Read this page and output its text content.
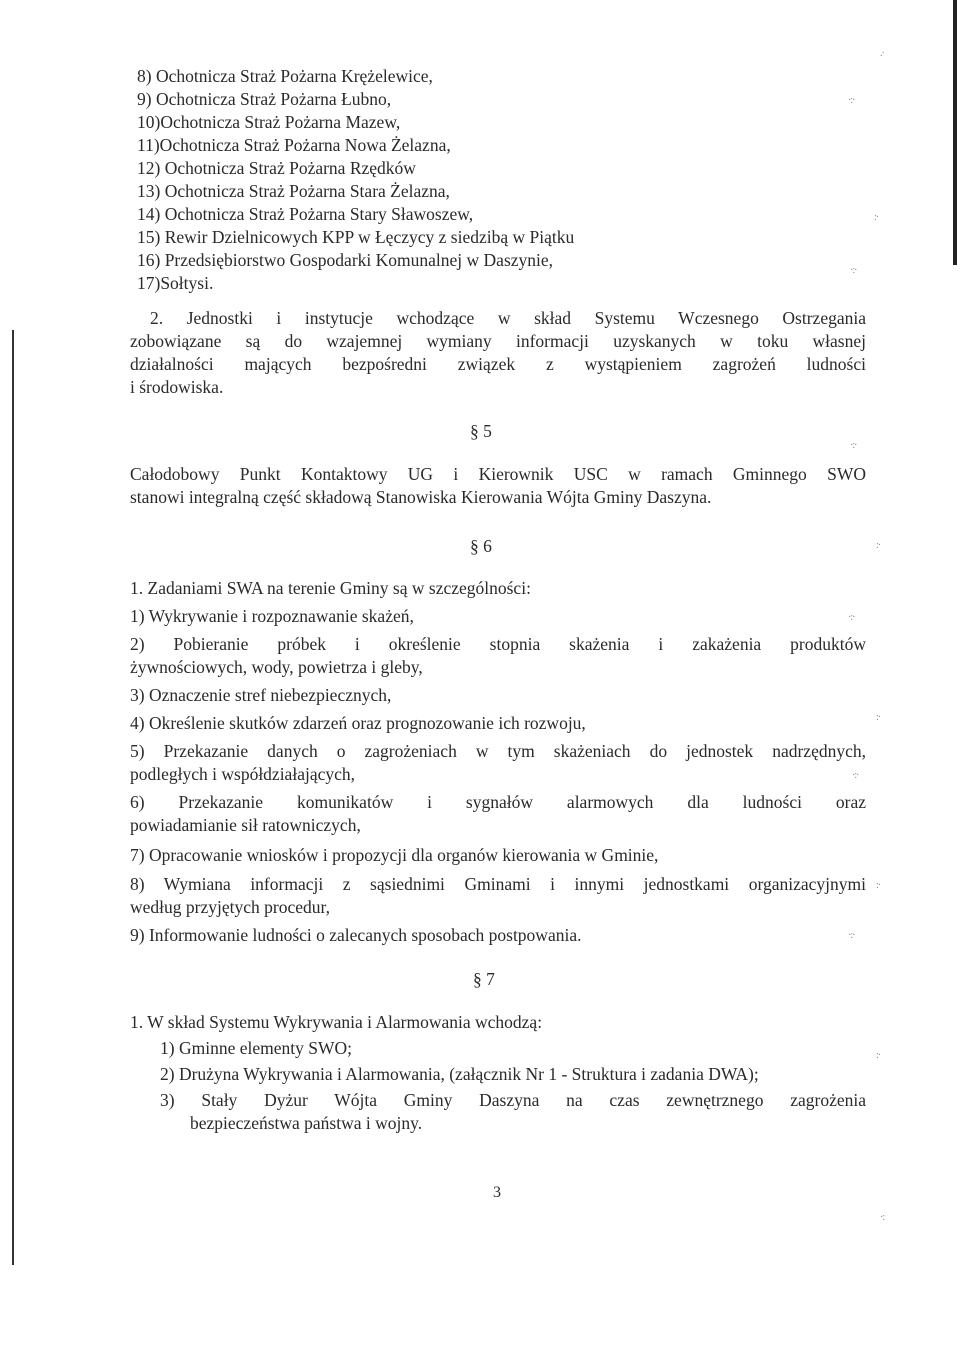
.·
·:·
:·
·:·
·:·
:·
·:·
:·
·:·
:·
·:·
:·
·:
8) Ochotnicza Straż Pożarna Krężelewice,
9) Ochotnicza Straż Pożarna Łubno,
10)Ochotnicza Straż Pożarna Mazew,
11)Ochotnicza Straż Pożarna Nowa Żelazna,
12) Ochotnicza Straż Pożarna Rzędków
13) Ochotnicza Straż Pożarna Stara Żelazna,
14) Ochotnicza Straż Pożarna Stary Sławoszew,
15) Rewir Dzielnicowych KPP w Łęczycy z siedzibą w Piątku
16) Przedsiębiorstwo Gospodarki Komunalnej w Daszynie,
17)Sołtysi.
2. Jednostki i instytucje wchodzące w skład Systemu Wczesnego Ostrzegania
zobowiązane są do wzajemnej wymiany informacji uzyskanych w toku własnej
działalności mających bezpośredni związek z wystąpieniem zagrożeń ludności
i środowiska.
§ 5
Całodobowy Punkt Kontaktowy UG i Kierownik USC w ramach Gminnego SWO
stanowi integralną część składową Stanowiska Kierowania Wójta Gminy Daszyna.
§ 6
1. Zadaniami SWA na terenie Gminy są w szczególności:
1) Wykrywanie i rozpoznawanie skażeń,
2) Pobieranie próbek i określenie stopnia skażenia i zakażenia produktów
żywnościowych, wody, powietrza i gleby,
3) Oznaczenie stref niebezpiecznych,
4) Określenie skutków zdarzeń oraz prognozowanie ich rozwoju,
5) Przekazanie danych o zagrożeniach w tym skażeniach do jednostek nadrzędnych,
podległych i współdziałających,
6) Przekazanie komunikatów i sygnałów alarmowych dla ludności oraz
powiadamianie sił ratowniczych,
7) Opracowanie wniosków i propozycji dla organów kierowania w Gminie,
8) Wymiana informacji z sąsiednimi Gminami i innymi jednostkami organizacyjnymi
według przyjętych procedur,
9) Informowanie ludności o zalecanych sposobach postpowania.
§ 7
1. W skład Systemu Wykrywania i Alarmowania wchodzą:
1) Gminne elementy SWO;
2) Drużyna Wykrywania i Alarmowania, (załącznik Nr 1 - Struktura i zadania DWA);
3) Stały Dyżur Wójta Gminy Daszyna na czas zewnętrznego zagrożenia
bezpieczeństwa państwa i wojny.
3
